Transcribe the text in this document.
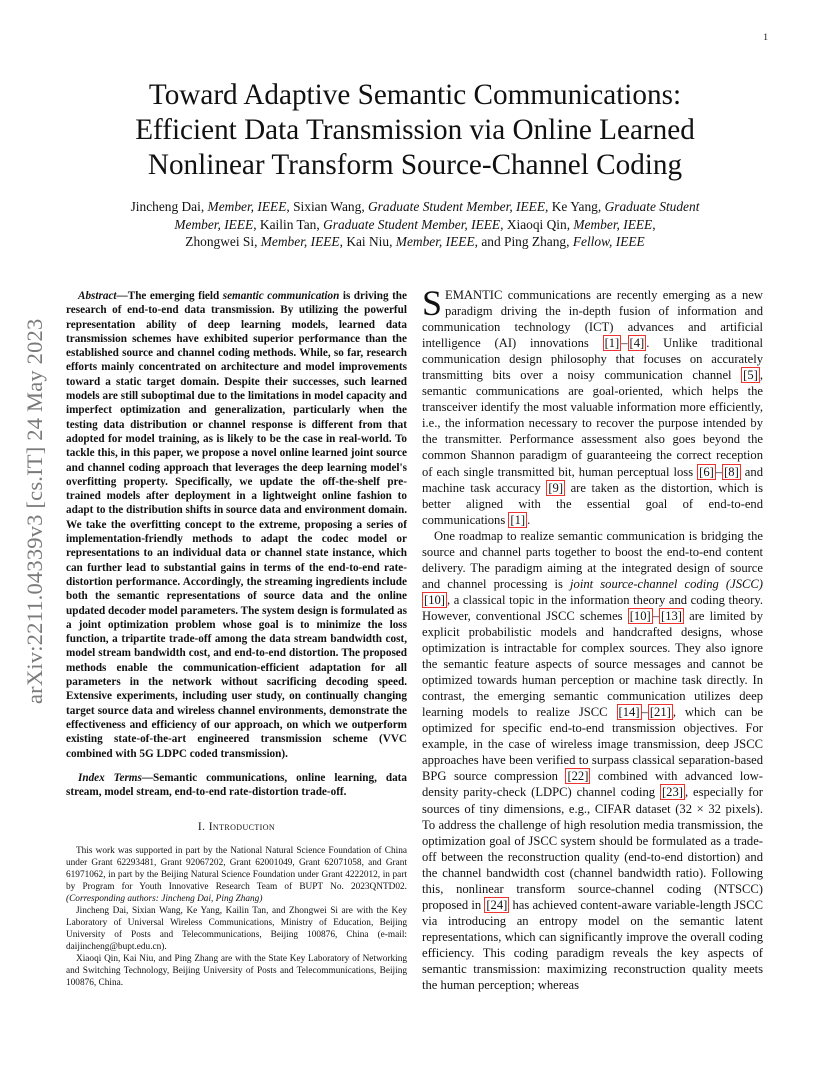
1
arXiv:2211.04339v3 [cs.IT] 24 May 2023
Toward Adaptive Semantic Communications:
Efficient Data Transmission via Online Learned
Nonlinear Transform Source-Channel Coding
Jincheng Dai, Member, IEEE, Sixian Wang, Graduate Student Member, IEEE, Ke Yang, Graduate Student Member, IEEE, Kailin Tan, Graduate Student Member, IEEE, Xiaoqi Qin, Member, IEEE,
Zhongwei Si, Member, IEEE, Kai Niu, Member, IEEE, and Ping Zhang, Fellow, IEEE

Abstract—The emerging field semantic communication is driving the research of end-to-end data transmission. By utilizing the powerful representation ability of deep learning models, learned data transmission schemes have exhibited superior performance than the established source and channel coding methods. While, so far, research efforts mainly concentrated on architecture and model improvements toward a static target domain. Despite their successes, such learned models are still suboptimal due to the limitations in model capacity and imperfect optimization and generalization, particularly when the testing data distribution or channel response is different from that adopted for model training, as is likely to be the case in real-world. To tackle this, in this paper, we propose a novel online learned joint source and channel coding approach that leverages the deep learning model's overfitting property. Specifically, we update the off-the-shelf pre-trained models after deployment in a lightweight online fashion to adapt to the distribution shifts in source data and environment domain. We take the overfitting concept to the extreme, proposing a series of implementation-friendly methods to adapt the codec model or representations to an individual data or channel state instance, which can further lead to substantial gains in terms of the end-to-end rate-distortion performance. Accordingly, the streaming ingredients include both the semantic representations of source data and the online updated decoder model parameters. The system design is formulated as a joint optimization problem whose goal is to minimize the loss function, a tripartite trade-off among the data stream bandwidth cost, model stream bandwidth cost, and end-to-end distortion. The proposed methods enable the communication-efficient adaptation for all parameters in the network without sacrificing decoding speed. Extensive experiments, including user study, on continually changing target source data and wireless channel environments, demonstrate the effectiveness and efficiency of our approach, on which we outperform existing state-of-the-art engineered transmission scheme (VVC combined with 5G LDPC coded transmission).

Index Terms—Semantic communications, online learning, data stream, model stream, end-to-end rate-distortion trade-off.

I. Introduction

This work was supported in part by the National Natural Science Foundation of China under Grant 62293481, Grant 92067202, Grant 62001049, Grant 62071058, and Grant 61971062, in part by the Beijing Natural Science Foundation under Grant 4222012, in part by Program for Youth Innovative Research Team of BUPT No. 2023QNTD02. (Corresponding authors: Jincheng Dai, Ping Zhang)

Jincheng Dai, Sixian Wang, Ke Yang, Kailin Tan, and Zhongwei Si are with the Key Laboratory of Universal Wireless Communications, Ministry of Education, Beijing University of Posts and Telecommunications, Beijing 100876, China (e-mail: daijincheng@bupt.edu.cn).

Xiaoqi Qin, Kai Niu, and Ping Zhang are with the State Key Laboratory of Networking and Switching Technology, Beijing University of Posts and Telecommunications, Beijing 100876, China.

SEMANTIC communications are recently emerging as a new paradigm driving the in-depth fusion of information and communication technology (ICT) advances and artificial intelligence (AI) innovations [1] – [4] . Unlike traditional communication design philosophy that focuses on accurately transmitting bits over a noisy communication channel [5] , semantic communications are goal-oriented, which helps the transceiver identify the most valuable information more efficiently, i.e., the information necessary to recover the purpose intended by the transmitter. Performance assessment also goes beyond the common Shannon paradigm of guaranteeing the correct reception of each single transmitted bit, human perceptual loss [6] – [8] and machine task accuracy [9] are taken as the distortion, which is better aligned with the essential goal of end-to-end communications [1] .

One roadmap to realize semantic communication is bridging the source and channel parts together to boost the end-to-end content delivery. The paradigm aiming at the integrated design of source and channel processing is joint source-channel coding (JSCC) [10] , a classical topic in the information theory and coding theory. However, conventional JSCC schemes [10] – [13] are limited by explicit probabilistic models and handcrafted designs, whose optimization is intractable for complex sources. They also ignore the semantic feature aspects of source messages and cannot be optimized towards human perception or machine task directly. In contrast, the emerging semantic communication utilizes deep learning models to realize JSCC [14] – [21] , which can be optimized for specific end-to-end transmission objectives. For example, in the case of wireless image transmission, deep JSCC approaches have been verified to surpass classical separation-based BPG source compression [22] combined with advanced low-density parity-check (LDPC) channel coding [23] , especially for sources of tiny dimensions, e.g., CIFAR dataset (32 × 32 pixels). To address the challenge of high resolution media transmission, the optimization goal of JSCC system should be formulated as a trade-off between the reconstruction quality (end-to-end distortion) and the channel bandwidth cost (channel bandwidth ratio). Following this, nonlinear transform source-channel coding (NTSCC) proposed in [24] has achieved content-aware variable-length JSCC via introducing an entropy model on the semantic latent representations, which can significantly improve the overall coding efficiency. This coding paradigm reveals the key aspects of semantic transmission: maximizing reconstruction quality meets the human perception; whereas
